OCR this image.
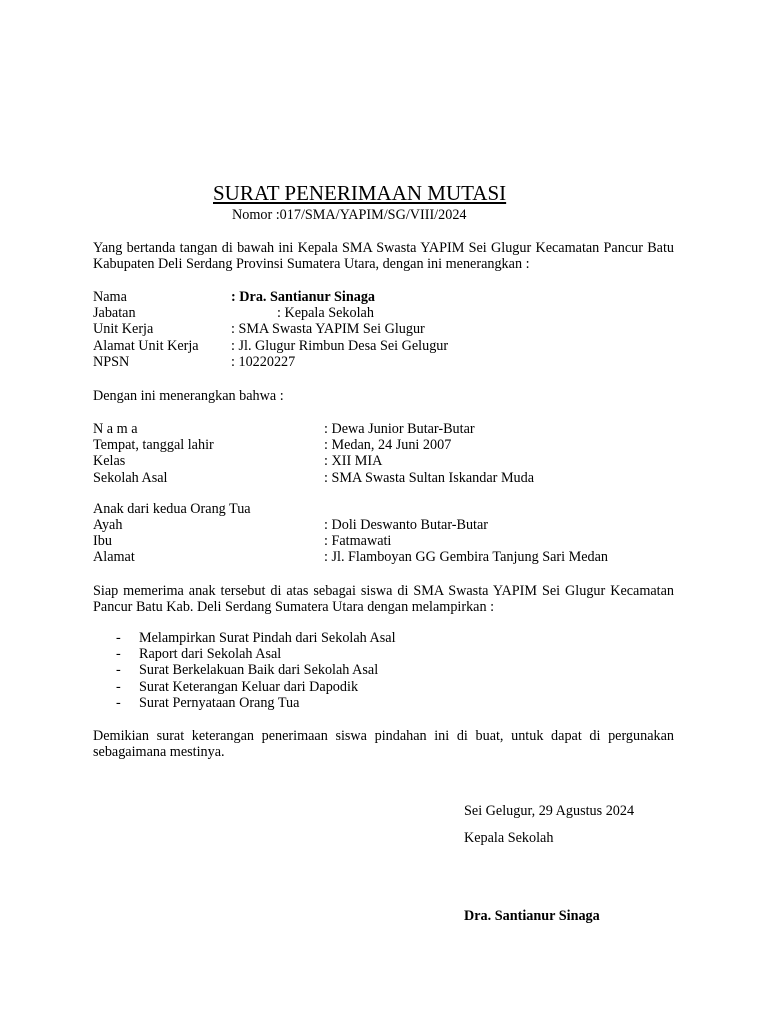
SURAT PENERIMAAN MUTASI
Nomor :017/SMA/YAPIM/SG/VIII/2024
Yang bertanda tangan di bawah ini Kepala SMA Swasta YAPIM Sei Glugur Kecamatan Pancur Batu Kabupaten Deli Serdang Provinsi Sumatera Utara, dengan ini menerangkan :
Nama	: Dra. Santianur Sinaga
Jabatan	: Kepala Sekolah
Unit Kerja	: SMA Swasta YAPIM Sei Glugur
Alamat Unit Kerja : Jl. Glugur Rimbun Desa Sei Gelugur
NPSN	: 10220227
Dengan ini menerangkan bahwa :
N a m a	: Dewa Junior Butar-Butar
Tempat, tanggal lahir	: Medan, 24 Juni 2007
Kelas	: XII MIA
Sekolah Asal	: SMA Swasta Sultan Iskandar Muda
Anak dari kedua Orang Tua
Ayah	: Doli Deswanto Butar-Butar
Ibu	: Fatmawati
Alamat	: Jl. Flamboyan GG Gembira Tanjung Sari Medan
Siap memerima anak tersebut di atas sebagai siswa di SMA Swasta YAPIM Sei Glugur Kecamatan Pancur Batu Kab. Deli Serdang Sumatera Utara dengan melampirkan :
- Melampirkan Surat Pindah dari Sekolah Asal
- Raport dari Sekolah Asal
- Surat Berkelakuan Baik dari Sekolah Asal
- Surat Keterangan Keluar dari Dapodik
- Surat Pernyataan Orang Tua
Demikian surat keterangan penerimaan siswa pindahan ini di buat, untuk dapat di pergunakan sebagaimana mestinya.
Sei Gelugur, 29 Agustus 2024
Kepala Sekolah
Dra. Santianur Sinaga
